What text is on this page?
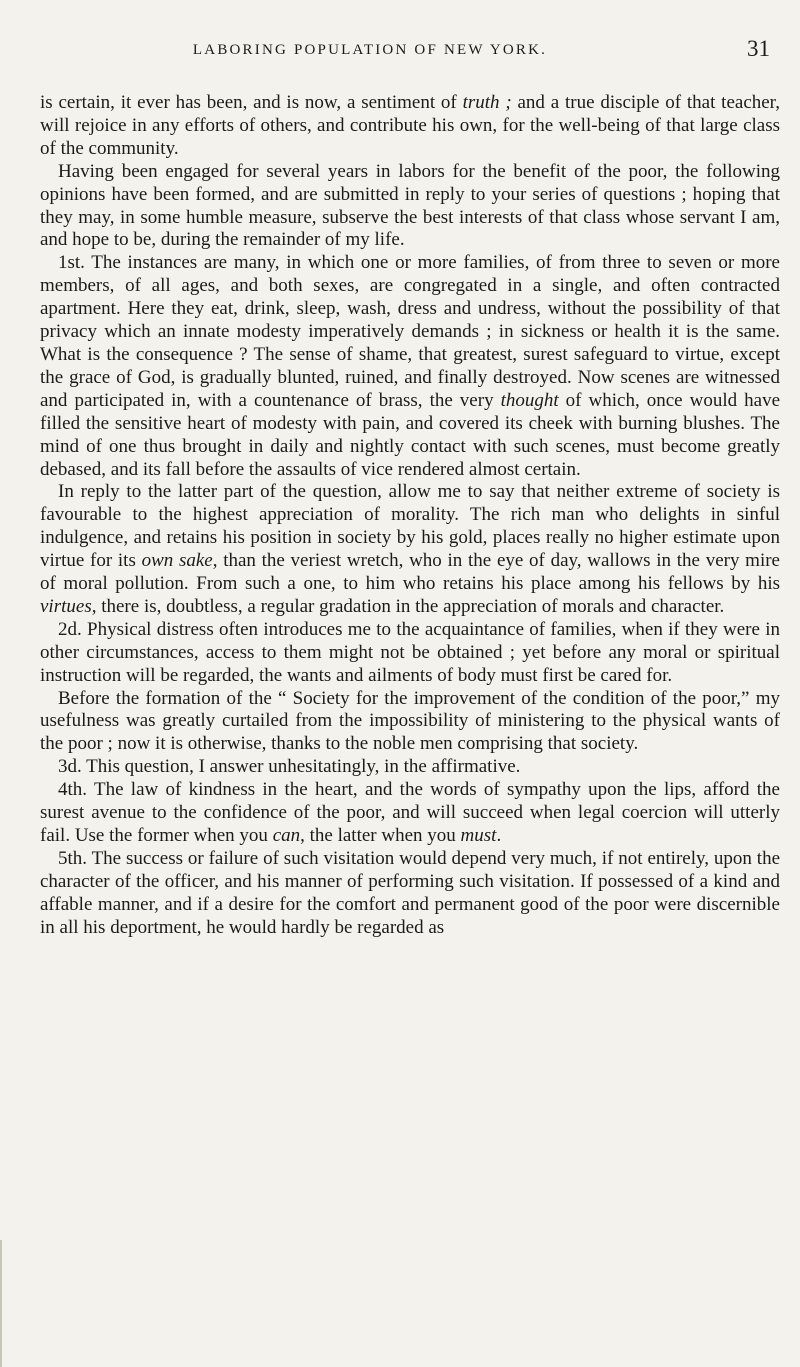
LABORING POPULATION OF NEW YORK.	31

is certain, it ever has been, and is now, a sentiment of truth ; and a true disciple of that teacher, will rejoice in any efforts of others, and contribute his own, for the well-being of that large class of the community.

Having been engaged for several years in labors for the benefit of the poor, the following opinions have been formed, and are submitted in reply to your series of questions ; hoping that they may, in some humble measure, subserve the best interests of that class whose servant I am, and hope to be, during the remainder of my life.

1st. The instances are many, in which one or more families, of from three to seven or more members, of all ages, and both sexes, are congregated in a single, and often contracted apartment. Here they eat, drink, sleep, wash, dress and undress, without the possibility of that privacy which an innate modesty imperatively demands ; in sickness or health it is the same. What is the consequence ? The sense of shame, that greatest, surest safeguard to virtue, except the grace of God, is gradually blunted, ruined, and finally destroyed. Now scenes are witnessed and participated in, with a countenance of brass, the very thought of which, once would have filled the sensitive heart of modesty with pain, and covered its cheek with burning blushes. The mind of one thus brought in daily and nightly contact with such scenes, must become greatly debased, and its fall before the assaults of vice rendered almost certain.

In reply to the latter part of the question, allow me to say that neither extreme of society is favourable to the highest appreciation of morality. The rich man who delights in sinful indulgence, and retains his position in society by his gold, places really no higher estimate upon virtue for its own sake, than the veriest wretch, who in the eye of day, wallows in the very mire of moral pollution. From such a one, to him who retains his place among his fellows by his virtues, there is, doubtless, a regular gradation in the appreciation of morals and character.

2d. Physical distress often introduces me to the acquaintance of families, when if they were in other circumstances, access to them might not be obtained ; yet before any moral or spiritual instruction will be regarded, the wants and ailments of body must first be cared for.

Before the formation of the “ Society for the improvement of the condition of the poor,” my usefulness was greatly curtailed from the impossibility of ministering to the physical wants of the poor ; now it is otherwise, thanks to the noble men comprising that society.

3d. This question, I answer unhesitatingly, in the affirmative.

4th. The law of kindness in the heart, and the words of sympathy upon the lips, afford the surest avenue to the confidence of the poor, and will succeed when legal coercion will utterly fail. Use the former when you can, the latter when you must.

5th. The success or failure of such visitation would depend very much, if not entirely, upon the character of the officer, and his manner of performing such visitation. If possessed of a kind and affable manner, and if a desire for the comfort and permanent good of the poor were discernible in all his deportment, he would hardly be regarded as
